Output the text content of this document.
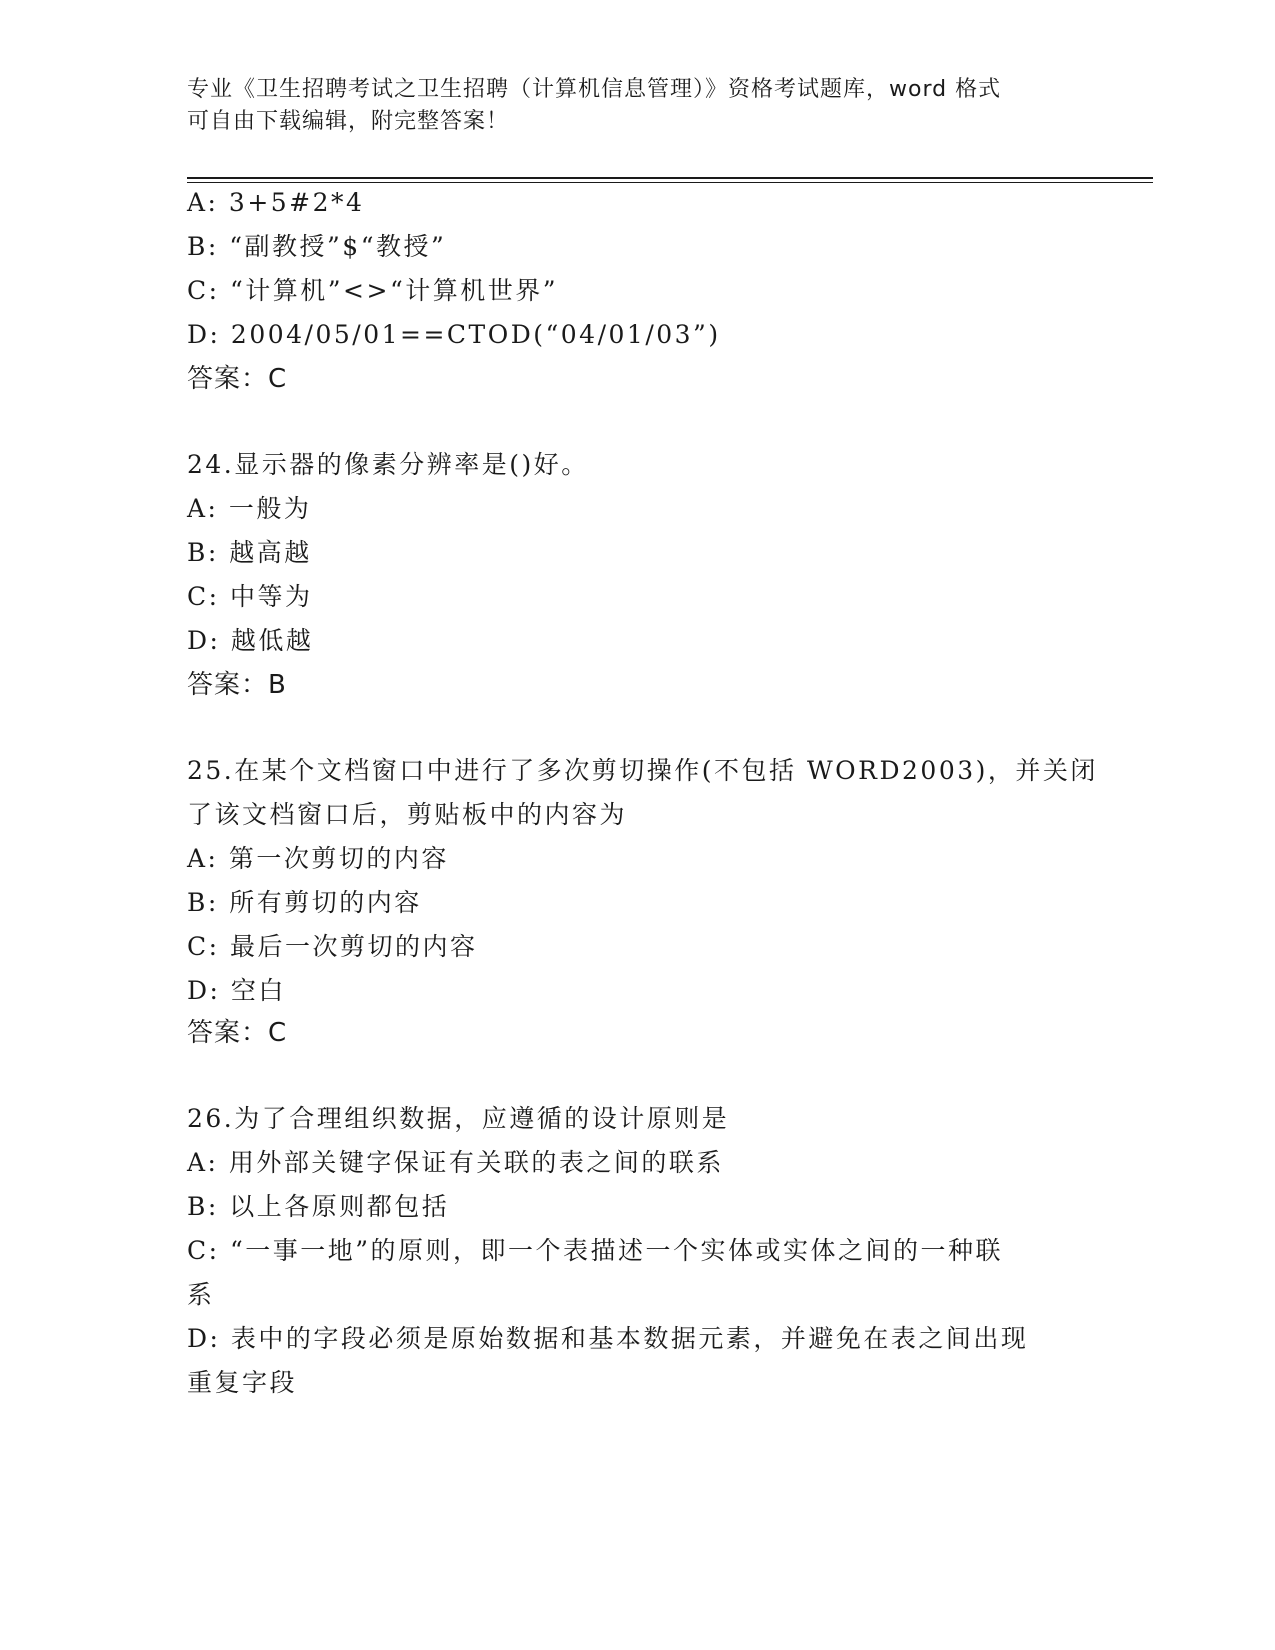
专业《卫生招聘考试之卫生招聘（计算机信息管理）》资格考试题库，word 格式
可自由下载编辑，附完整答案！
A: 3+5#2*4
B: “副教授”$“教授”
C: “计算机”<>“计算机世界”
D: 2004/05/01==CTOD(“04/01/03”)
答案：C
24.显示器的像素分辨率是()好。
A: 一般为
B: 越高越
C: 中等为
D: 越低越
答案：B
25.在某个文档窗口中进行了多次剪切操作(不包括 WORD2003)，并关闭
了该文档窗口后，剪贴板中的内容为
A: 第一次剪切的内容
B: 所有剪切的内容
C: 最后一次剪切的内容
D: 空白
答案：C
26.为了合理组织数据，应遵循的设计原则是
A: 用外部关键字保证有关联的表之间的联系
B: 以上各原则都包括
C: “一事一地”的原则，即一个表描述一个实体或实体之间的一种联
系
D: 表中的字段必须是原始数据和基本数据元素，并避免在表之间出现
重复字段
